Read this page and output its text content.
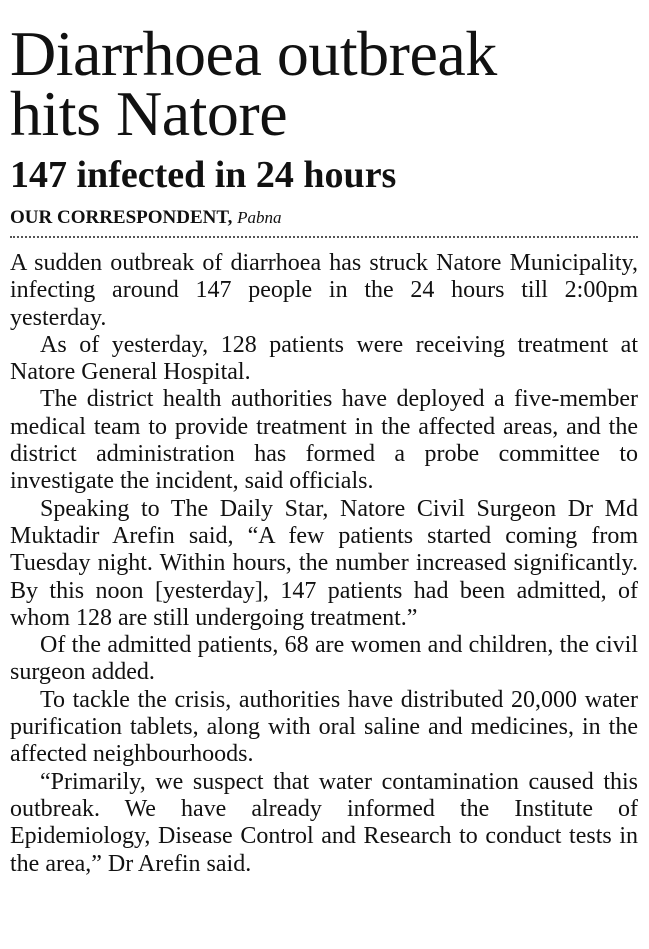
Diarrhoea outbreak
hits Natore
147 infected in 24 hours
OUR CORRESPONDENT, Pabna

A sudden outbreak of diarrhoea has struck Natore Municipality, infecting around 147 people in the 24 hours till 2:00pm yesterday.

As of yesterday, 128 patients were receiving treatment at Natore General Hospital.

The district health authorities have deployed a five-member medical team to provide treatment in the affected areas, and the district administration has formed a probe committee to investigate the incident, said officials.

Speaking to The Daily Star, Natore Civil Surgeon Dr Md Muktadir Arefin said, “A few patients started coming from Tuesday night. Within hours, the number increased significantly. By this noon [yesterday], 147 patients had been admitted, of whom 128 are still undergoing treatment.”

Of the admitted patients, 68 are women and children, the civil surgeon added.

To tackle the crisis, authorities have distributed 20,000 water purification tablets, along with oral saline and medicines, in the affected neighbourhoods.

“Primarily, we suspect that water contamination caused this outbreak. We have already informed the Institute of Epidemiology, Disease Control and Research to conduct tests in the area,” Dr Arefin said.
